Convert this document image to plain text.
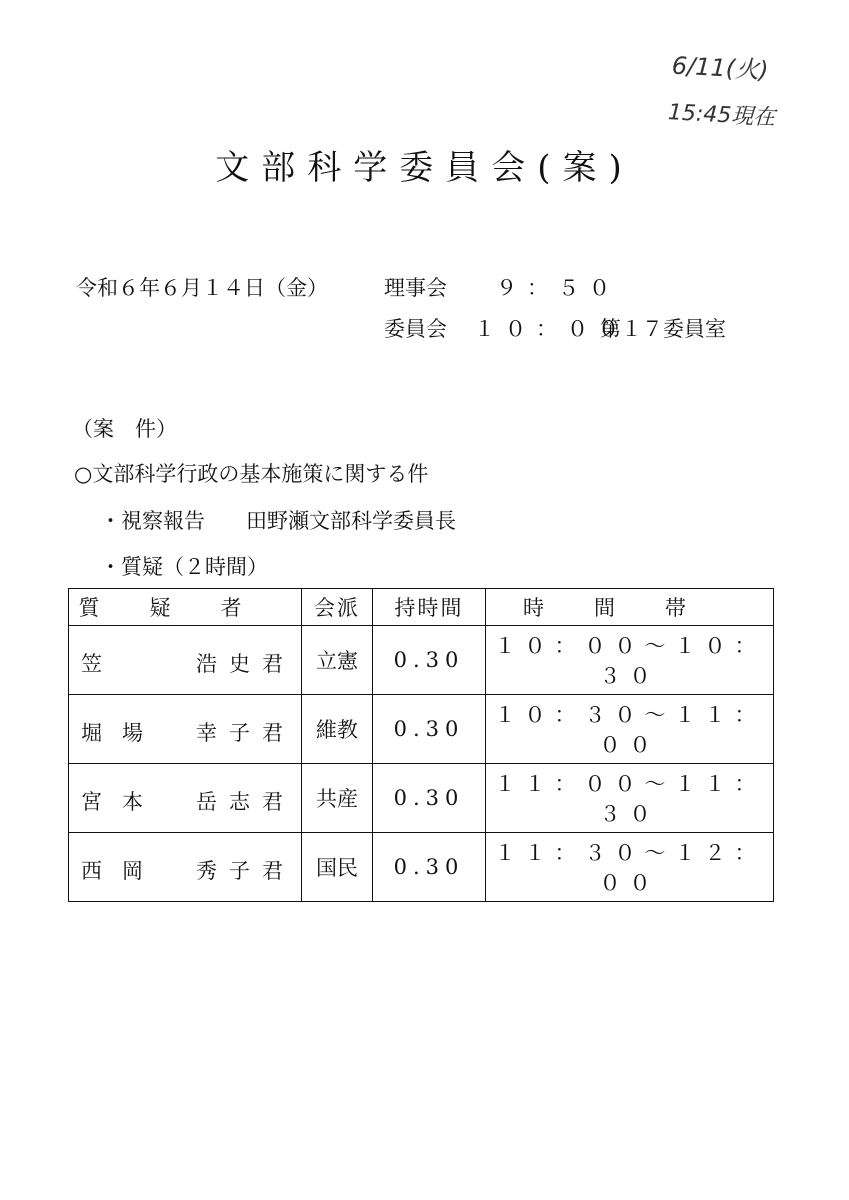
6/11(火)
15:45現在
文部科学委員会(案)
令和６年６月１４日（金）	理事会 ９：５０
委員会 １０：００
第１７委員室
（案　件）
○文部科学行政の基本施策に関する件
・視察報告 田野瀬文部科学委員長
・質疑（２時間）
質疑者	会派	持時間	時間帯

笠 浩史君	立憲	0.30	１０：００～１０：３０

堀場 幸子君	維教	0.30	１０：３０～１１：００

宮本 岳志君	共産	0.30	１１：００～１１：３０

西岡 秀子君	国民	0.30	１１：３０～１２：００
